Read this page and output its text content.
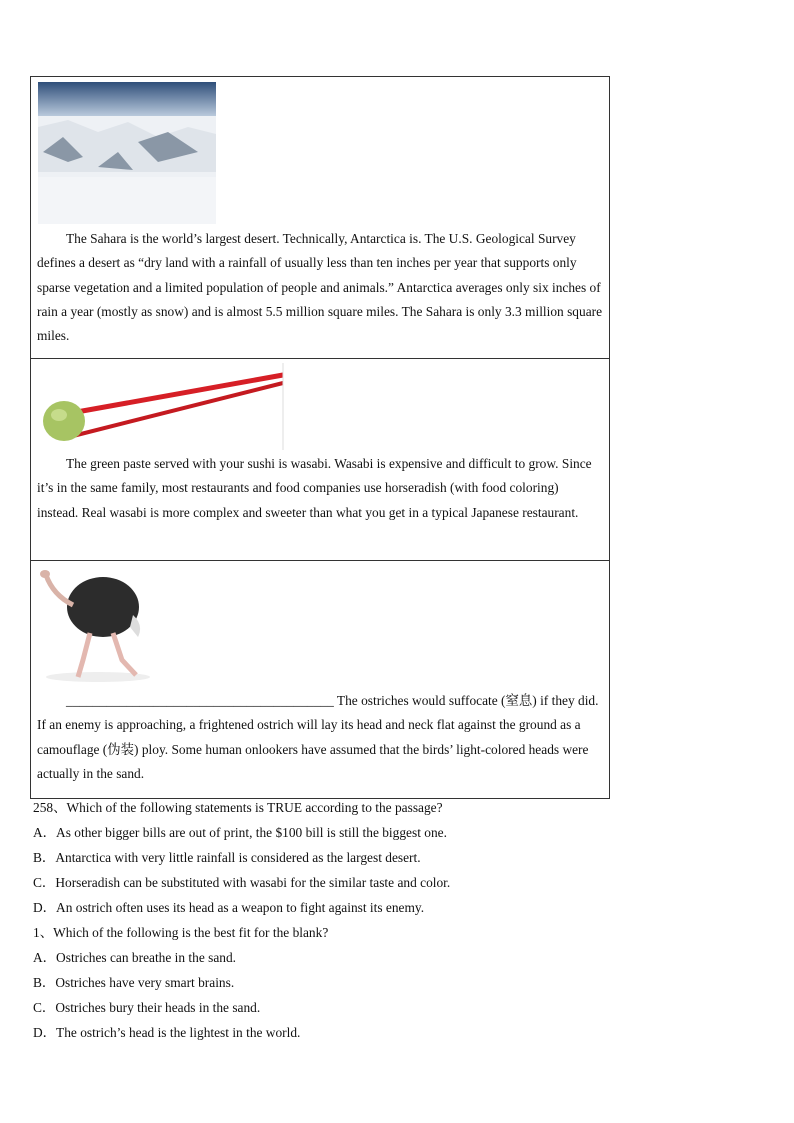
The Sahara is the world’s largest desert. Technically, Antarctica is. The U.S. Geological Survey defines a desert as “dry land with a rainfall of usually less than ten inches per year that supports only sparse vegetation and a limited population of people and animals.” Antarctica averages only six inches of rain a year (mostly as snow) and is almost 5.5 million square miles. The Sahara is only 3.3 million square miles.

The green paste served with your sushi is wasabi. Wasabi is expensive and difficult to grow. Since it’s in the same family, most restaurants and food companies use horseradish (with food coloring) instead. Real wasabi is more complex and sweeter than what you get in a typical Japanese restaurant.

________________________________________ The ostriches would suffocate (窒息) if they did. If an enemy is approaching, a frightened ostrich will lay its head and neck flat against the ground as a camouflage (伪装) ploy. Some human onlookers have assumed that the birds’ light-colored heads were actually in the sand.

258、Which of the following statements is TRUE according to the passage?
A．As other bigger bills are out of print, the $100 bill is still the biggest one.
B．Antarctica with very little rainfall is considered as the largest desert.
C．Horseradish can be substituted with wasabi for the similar taste and color.
D．An ostrich often uses its head as a weapon to fight against its enemy.
1、Which of the following is the best fit for the blank?
A．Ostriches can breathe in the sand.
B．Ostriches have very smart brains.
C．Ostriches bury their heads in the sand.
D．The ostrich’s head is the lightest in the world.
